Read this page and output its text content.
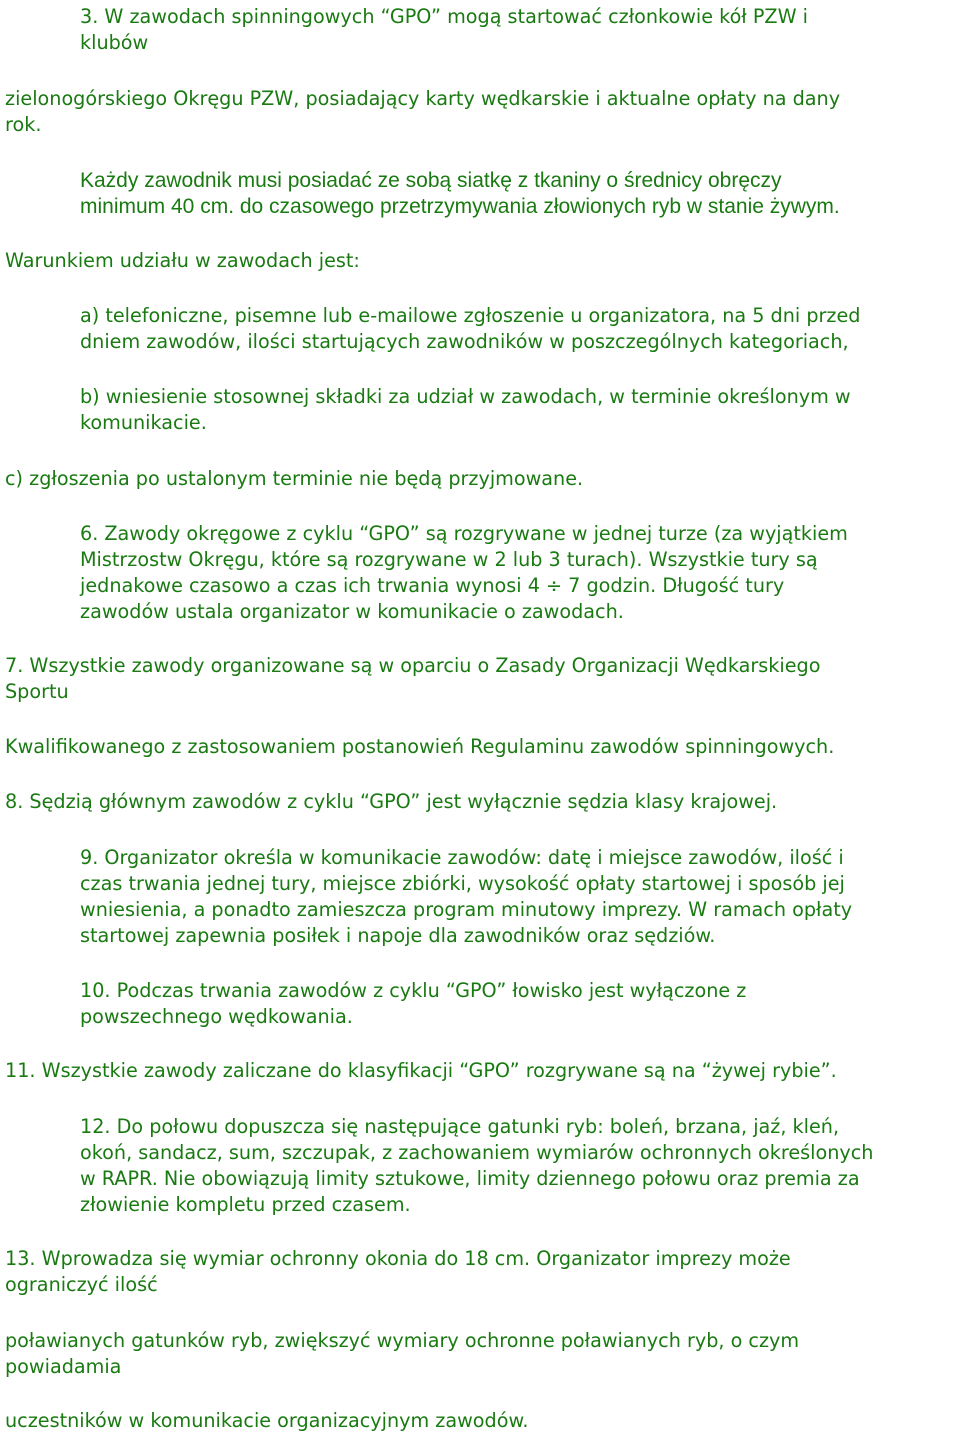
3. W zawodach spinningowych “GPO” mogą startować członkowie kół PZW i
klubów

zielonogórskiego Okręgu PZW, posiadający karty wędkarskie i aktualne opłaty na dany
rok.

Każdy zawodnik musi posiadać ze sobą siatkę z tkaniny o średnicy obręczy
minimum 40 cm. do czasowego przetrzymywania złowionych ryb w stanie żywym.

Warunkiem udziału w zawodach jest:

a) telefoniczne, pisemne lub e-mailowe zgłoszenie u organizatora, na 5 dni przed
dniem zawodów, ilości startujących zawodników w poszczególnych kategoriach,

b) wniesienie stosownej składki za udział w zawodach, w terminie określonym w
komunikacie.

c) zgłoszenia po ustalonym terminie nie będą przyjmowane.

6. Zawody okręgowe z cyklu “GPO” są rozgrywane w jednej turze (za wyjątkiem
Mistrzostw Okręgu, które są rozgrywane w 2 lub 3 turach). Wszystkie tury są
jednakowe czasowo a czas ich trwania wynosi 4 ÷ 7 godzin. Długość tury
zawodów ustala organizator w komunikacie o zawodach.

7. Wszystkie zawody organizowane są w oparciu o Zasady Organizacji Wędkarskiego
Sportu

Kwalifikowanego z zastosowaniem postanowień Regulaminu zawodów spinningowych.

8. Sędzią głównym zawodów z cyklu “GPO” jest wyłącznie sędzia klasy krajowej.

9. Organizator określa w komunikacie zawodów: datę i miejsce zawodów, ilość i
czas trwania jednej tury, miejsce zbiórki, wysokość opłaty startowej i sposób jej
wniesienia, a ponadto zamieszcza program minutowy imprezy. W ramach opłaty
startowej zapewnia posiłek i napoje dla zawodników oraz sędziów.

10. Podczas trwania zawodów z cyklu “GPO” łowisko jest wyłączone z
powszechnego wędkowania.

11. Wszystkie zawody zaliczane do klasyfikacji “GPO” rozgrywane są na “żywej rybie”.

12. Do połowu dopuszcza się następujące gatunki ryb: boleń, brzana, jaź, kleń,
okoń, sandacz, sum, szczupak, z zachowaniem wymiarów ochronnych określonych
w RAPR. Nie obowiązują limity sztukowe, limity dziennego połowu oraz premia za
złowienie kompletu przed czasem.

13. Wprowadza się wymiar ochronny okonia do 18 cm. Organizator imprezy może
ograniczyć ilość

poławianych gatunków ryb, zwiększyć wymiary ochronne poławianych ryb, o czym
powiadamia

uczestników w komunikacie organizacyjnym zawodów.
